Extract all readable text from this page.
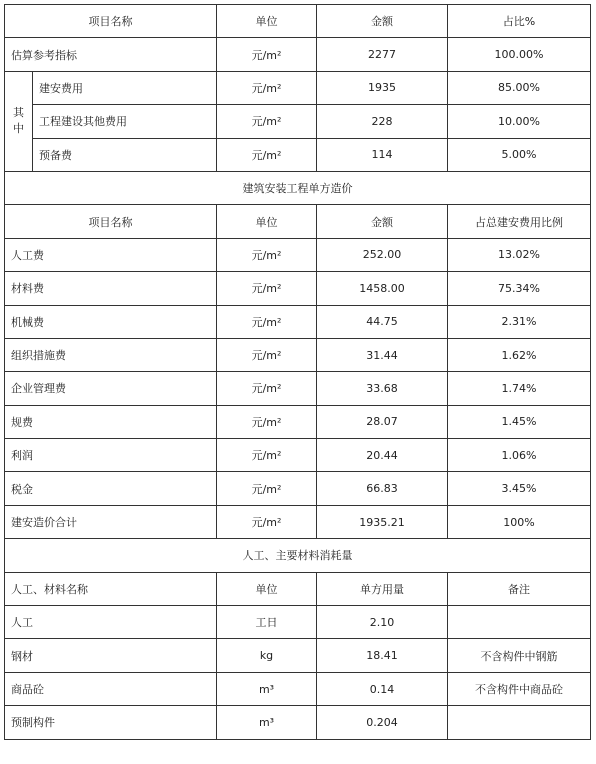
项目名称		单位	金额	占比%
估算参考指标		元/m²	2277	100.00%

其
中	建安费用	元/m²	1935	85.00%
	工程建设其他费用	元/m²	228	10.00%
	预备费	元/m²	114	5.00%
建筑安装工程单方造价				
项目名称		单位	金额	占总建安费用比例
人工费		元/m²	252.00	13.02%
材料费		元/m²	1458.00	75.34%
机械费		元/m²	44.75	2.31%
组织措施费		元/m²	31.44	1.62%
企业管理费		元/m²	33.68	1.74%
规费		元/m²	28.07	1.45%
利润		元/m²	20.44	1.06%
税金		元/m²	66.83	3.45%
建安造价合计		元/m²	1935.21	100%
人工、主要材料消耗量				
人工、材料名称		单位	单方用量	备注
人工		工日	2.10	
钢材		kg	18.41	不含构件中钢筋
商品砼		m³	0.14	不含构件中商品砼
预制构件		m³	0.204	
